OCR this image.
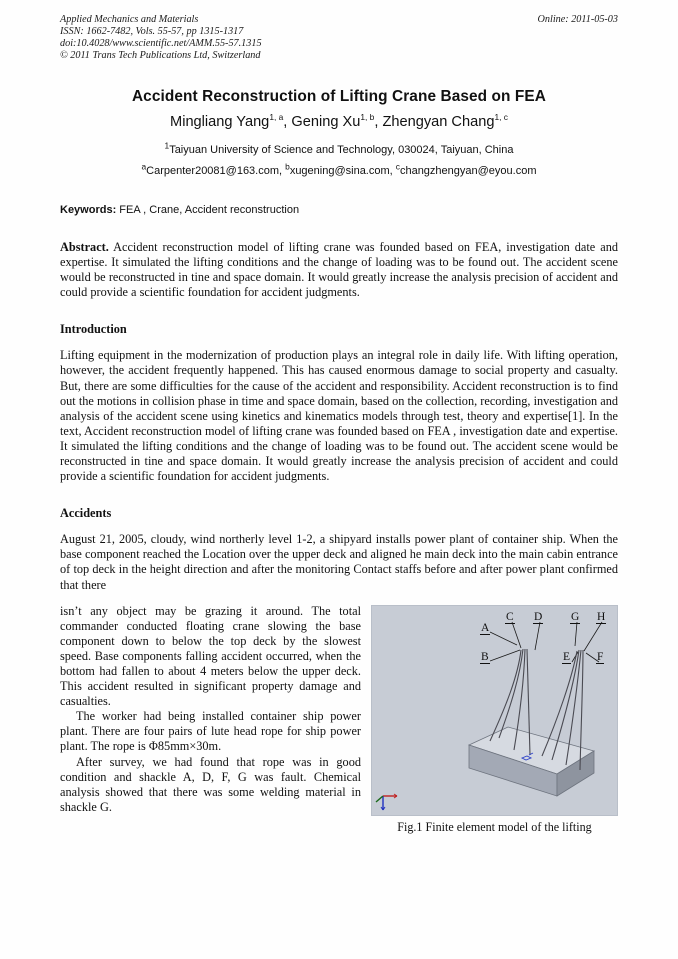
Applied Mechanics and Materials
ISSN: 1662-7482, Vols. 55-57, pp 1315-1317
doi:10.4028/www.scientific.net/AMM.55-57.1315
© 2011 Trans Tech Publications Ltd, Switzerland
Online: 2011-05-03
Accident Reconstruction of Lifting Crane Based on FEA
Mingliang Yang$^{1, a}$, Gening Xu$^{1, b}$, Zhengyan Chang$^{1, c}$
$^1$Taiyuan University of Science and Technology, 030024, Taiyuan, China
$^a$Carpenter20081@163.com, $^b$xugening@sina.com, $^c$changzhengyan@eyou.com
Keywords: FEA , Crane, Accident reconstruction
Abstract. Accident reconstruction model of lifting crane was founded based on FEA, investigation date and expertise. It simulated the lifting conditions and the change of loading was to be found out. The accident scene would be reconstructed in tine and space domain. It would greatly increase the analysis precision of accident and could provide a scientific foundation for accident judgments.
Introduction
Lifting equipment in the modernization of production plays an integral role in daily life. With lifting operation, however, the accident frequently happened. This has caused enormous damage to social property and casualty. But, there are some difficulties for the cause of the accident and responsibility. Accident reconstruction is to find out the motions in collision phase in time and space domain, based on the collection, recording, investigation and analysis of the accident scene using kinetics and kinematics models through test, theory and expertise[1]. In the text, Accident reconstruction model of lifting crane was founded based on FEA , investigation date and expertise. It simulated the lifting conditions and the change of loading was to be found out. The accident scene would be reconstructed in tine and space domain. It would greatly increase the analysis precision of accident and could provide a scientific foundation for accident judgments.
Accidents
August 21, 2005, cloudy, wind northerly level 1-2, a shipyard installs power plant of container ship. When the base component reached the Location over the upper deck and aligned he main deck into the main cabin entrance of top deck in the height direction and after the monitoring Contact staffs before and after power plant confirmed that there
A
C D G H
B	E F
Fig.1 Finite element model of the lifting

isn’t any object may be grazing it around. The total commander conducted floating crane slowing the base component down to below the top deck by the slowest speed. Base components falling accident occurred, when the bottom had fallen to about 4 meters below the upper deck. This accident resulted in significant property damage and casualties.

The worker had being installed container ship power plant. There are four pairs of lute head rope for ship power plant. The rope is Φ85mm×30m.

After survey, we had found that rope was in good condition and shackle A, D, F, G was fault. Chemical analysis showed that there was some welding material in shackle G.
